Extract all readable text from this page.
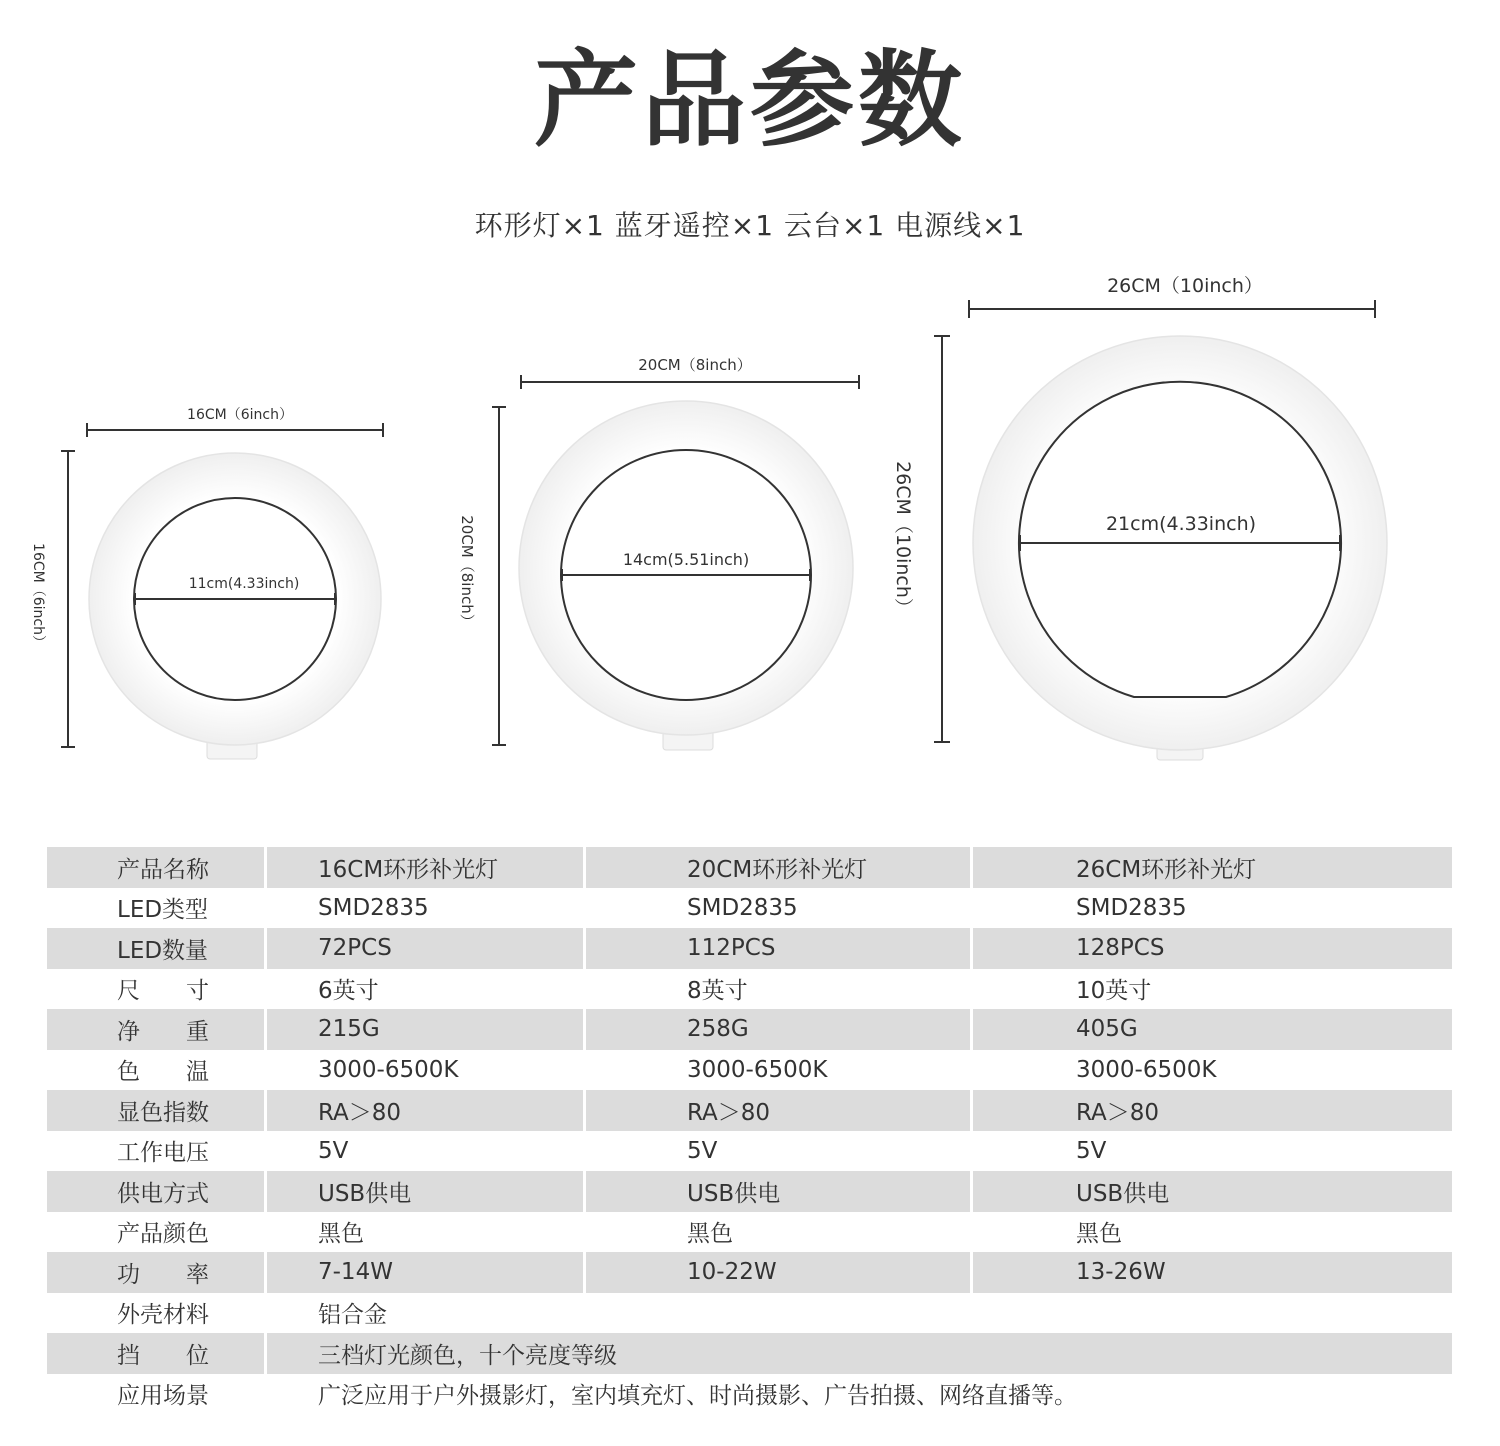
产品参数
环形灯×1 蓝牙遥控×1 云台×1 电源线×1
16CM（6inch）
16CM（6inch）	11cm(4.33inch)
20CM（8inch）
20CM（8inch）	14cm(5.51inch)
26CM（10inch）
26CM（10inch）	21cm(4.33inch)
产品名称	16CM环形补光灯	20CM环形补光灯	26CM环形补光灯
LED类型	SMD2835	SMD2835	SMD2835
LED数量	72PCS	112PCS	128PCS
尺　　寸	6英寸	8英寸	10英寸
净　　重	215G	258G	405G
色　　温	3000-6500K	3000-6500K	3000-6500K
显色指数	RA＞80	RA＞80	RA＞80
工作电压	5V	5V	5V
供电方式	USB供电	USB供电	USB供电
产品颜色	黑色	黑色	黑色
功　　率	7-14W	10-22W	13-26W
外壳材料	铝合金
挡　　位	三档灯光颜色，十个亮度等级
应用场景	广泛应用于户外摄影灯，室内填充灯、时尚摄影、广告拍摄、网络直播等。
